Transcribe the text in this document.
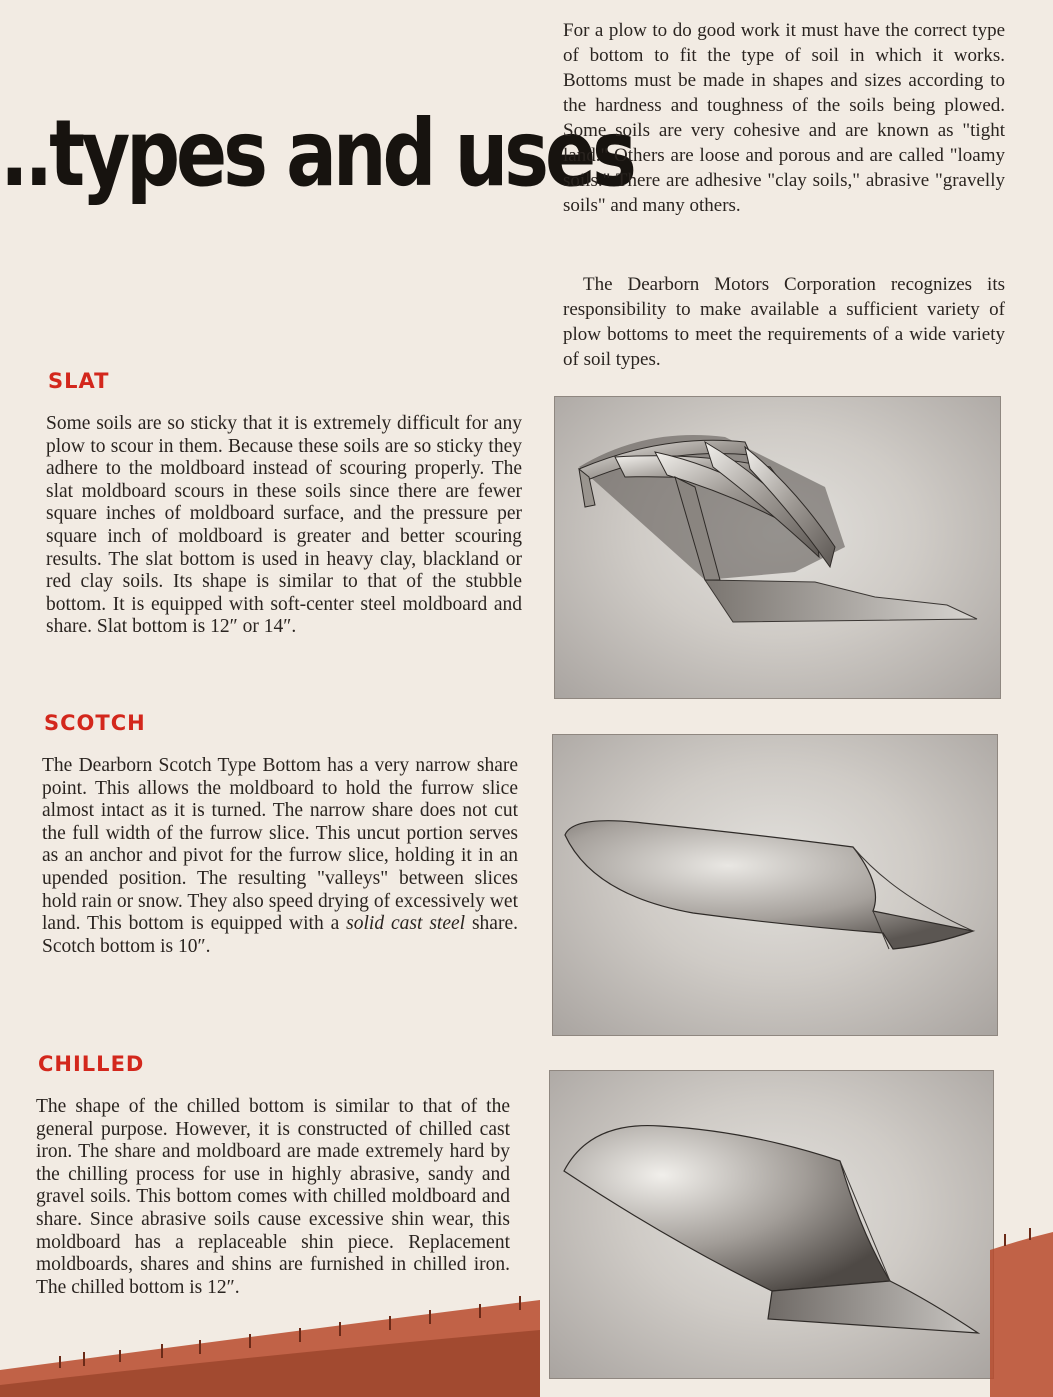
..types and uses

For a plow to do good work it must have the correct type of bottom to fit the type of soil in which it works. Bottoms must be made in shapes and sizes according to the hardness and toughness of the soils being plowed. Some soils are very cohesive and are known as "tight land." Others are loose and porous and are called "loamy soils." There are adhesive "clay soils," abrasive "gravelly soils" and many others.

The Dearborn Motors Corporation recognizes its responsibility to make available a sufficient variety of plow bottoms to meet the requirements of a wide variety of soil types.

SLAT

Some soils are so sticky that it is extremely difficult for any plow to scour in them. Because these soils are so sticky they adhere to the moldboard instead of scouring properly. The slat moldboard scours in these soils since there are fewer square inches of moldboard surface, and the pressure per square inch of moldboard is greater and better scouring results. The slat bottom is used in heavy clay, blackland or red clay soils. Its shape is similar to that of the stubble bottom. It is equipped with soft-center steel moldboard and share. Slat bottom is 12″ or 14″.

SCOTCH

The Dearborn Scotch Type Bottom has a very narrow share point. This allows the moldboard to hold the furrow slice almost intact as it is turned. The narrow share does not cut the full width of the furrow slice. This uncut portion serves as an anchor and pivot for the furrow slice, holding it in an upended position. The resulting "valleys" between slices hold rain or snow. They also speed drying of excessively wet land. This bottom is equipped with a solid cast steel share. Scotch bottom is 10″.

CHILLED

The shape of the chilled bottom is similar to that of the general purpose. However, it is constructed of chilled cast iron. The share and moldboard are made extremely hard by the chilling process for use in highly abrasive, sandy and gravel soils. This bottom comes with chilled moldboard and share. Since abrasive soils cause excessive shin wear, this moldboard has a replaceable shin piece. Replacement moldboards, shares and shins are furnished in chilled iron. The chilled bottom is 12″.
